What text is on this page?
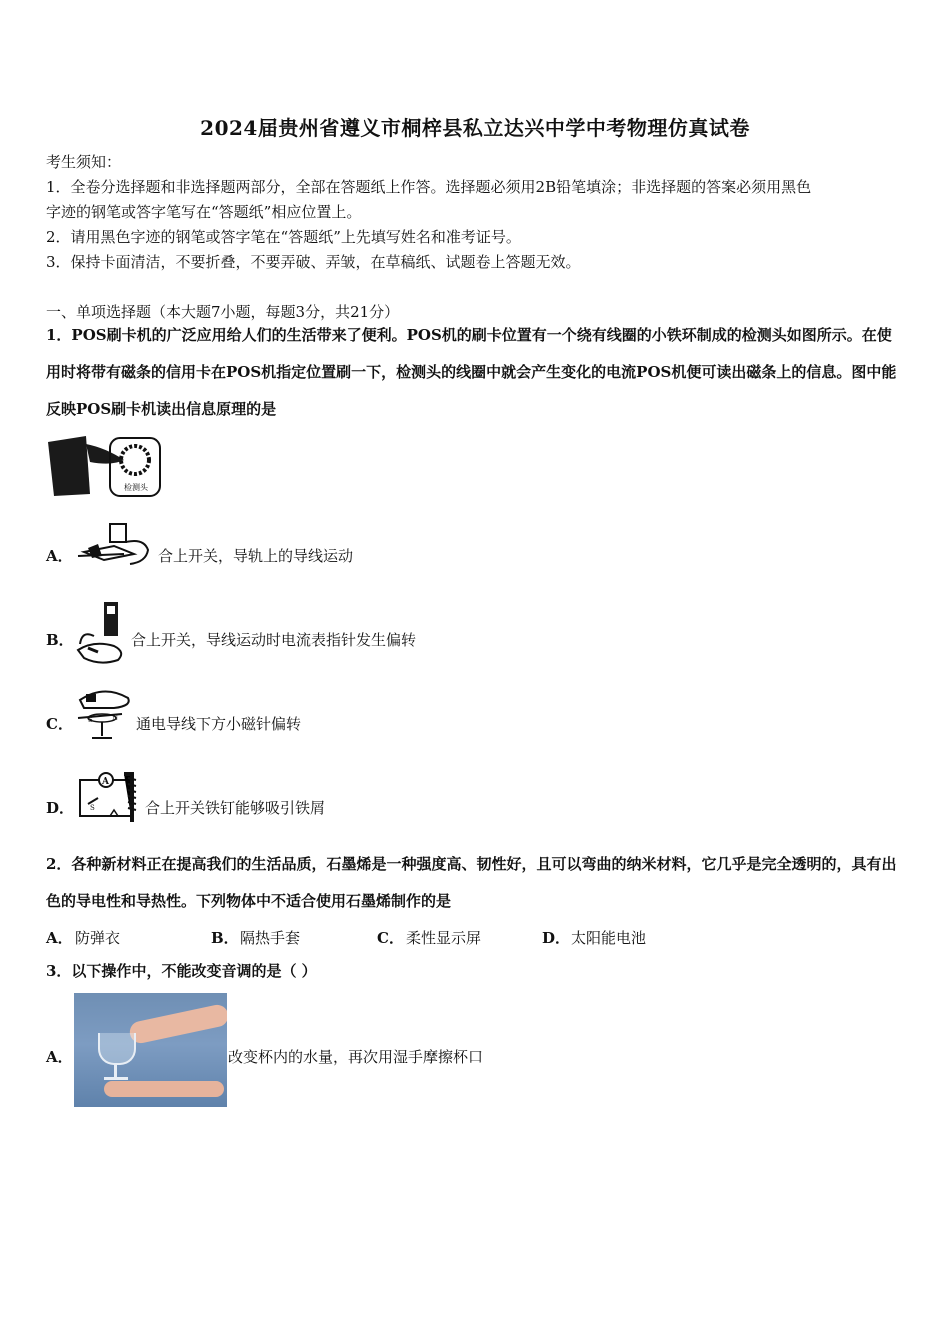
2024届贵州省遵义市桐梓县私立达兴中学中考物理仿真试卷
考生须知：
1．全卷分选择题和非选择题两部分，全部在答题纸上作答。选择题必须用2B铅笔填涂；非选择题的答案必须用黑色
字迹的钢笔或答字笔写在“答题纸”相应位置上。
2．请用黑色字迹的钢笔或答字笔在“答题纸”上先填写姓名和准考证号。
3．保持卡面清洁，不要折叠，不要弄破、弄皱，在草稿纸、试题卷上答题无效。
一、单项选择题（本大题7小题，每题3分，共21分）
1．POS刷卡机的广泛应用给人们的生活带来了便利。POS机的刷卡位置有一个绕有线圈的小铁环制成的检测头如图所示。在使用时将带有磁条的信用卡在POS机指定位置刷一下，检测头的线圈中就会产生变化的电流POS机便可读出磁条上的信息。图中能反映POS刷卡机读出信息原理的是
检测头
A．	合上开关，导轨上的导线运动
B．	合上开关，导线运动时电流表指针发生偏转
C． S	N 通电导线下方小磁针偏转
D．
A
S	合上开关铁钉能够吸引铁屑
2．各种新材料正在提高我们的生活品质，石墨烯是一种强度高、韧性好，且可以弯曲的纳米材料，它几乎是完全透明的，具有出色的导电性和导热性。下列物体中不适合使用石墨烯制作的是
A． 防弹衣	B． 隔热手套	C． 柔性显示屏	D． 太阳能电池
3．以下操作中，不能改变音调的是（ ）
A．	改变杯内的水量，再次用湿手摩擦杯口
